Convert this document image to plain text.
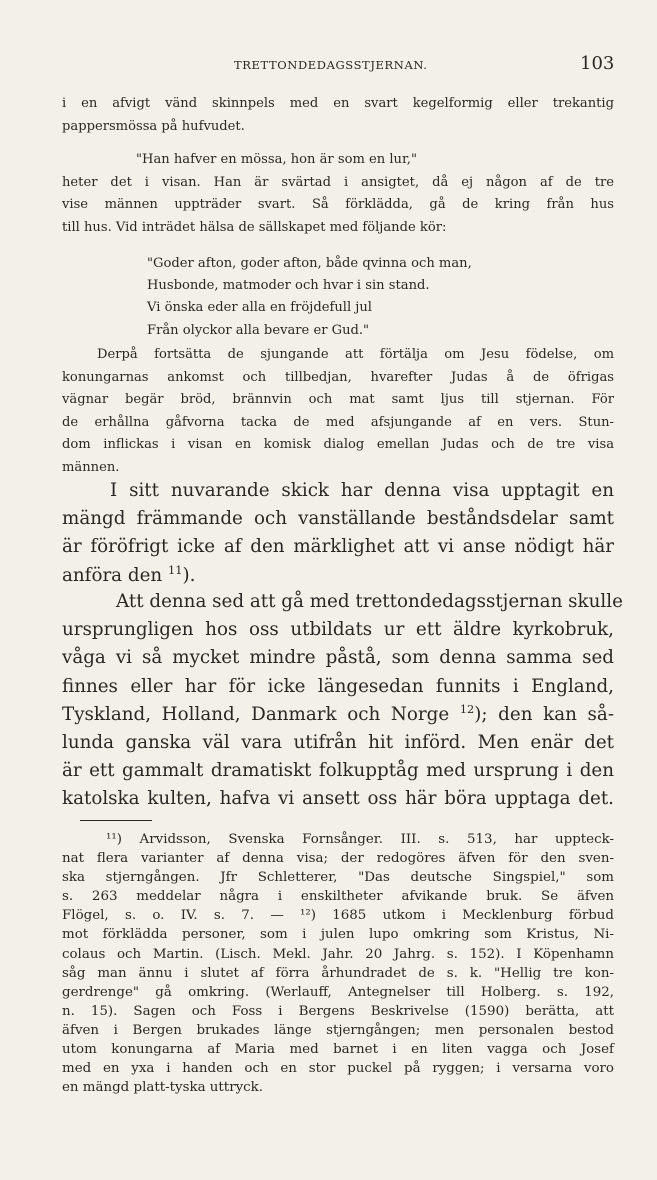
TRETTONDEDAGSSTJERNAN.	103
i en afvigt vänd skinnpels med en svart kegelformig eller trekantig
pappersmössa på hufvudet.
"Han hafver en mössa, hon är som en lur,"
heter det i visan. Han är svärtad i ansigtet, då ej någon af de tre
vise männen uppträder svart. Så förklädda, gå de kring från hus
till hus. Vid inträdet hälsa de sällskapet med följande kör:
"Goder afton, goder afton, både qvinna och man,
Husbonde, matmoder och hvar i sin stand.
Vi önska eder alla en fröjdefull jul
Från olyckor alla bevare er Gud."
Derpå fortsätta de sjungande att förtälja om Jesu födelse, om
konungarnas ankomst och tillbedjan, hvarefter Judas å de öfrigas
vägnar begär bröd, brännvin och mat samt ljus till stjernan. För
de erhållna gåfvorna tacka de med afsjungande af en vers. Stun-
dom inflickas i visan en komisk dialog emellan Judas och de tre visa
männen.
I sitt nuvarande skick har denna visa upptagit en
mängd främmande och vanställande beståndsdelar samt
är föröfrigt icke af den märklighet att vi anse nödigt här
anföra den $^{11}$).
Att denna sed att gå med trettondedagsstjernan skulle
ursprungligen hos oss utbildats ur ett äldre kyrkobruk,
våga vi så mycket mindre påstå, som denna samma sed
finnes eller har för icke längesedan funnits i England,
Tyskland, Holland, Danmark och Norge $^{12}$); den kan så-
lunda ganska väl vara utifrån hit införd. Men enär det
är ett gammalt dramatiskt folkupptåg med ursprung i den
katolska kulten, hafva vi ansett oss här böra upptaga det.
¹¹) Arvidsson, Svenska Fornsånger. III. s. 513, har uppteck-
nat flera varianter af denna visa; der redogöres äfven för den sven-
ska stjerngången. Jfr Schletterer, "Das deutsche Singspiel," som
s. 263 meddelar några i enskiltheter afvikande bruk. Se äfven
Flögel, s. o. IV. s. 7. — ¹²) 1685 utkom i Mecklenburg förbud
mot förklädda personer, som i julen lupo omkring som Kristus, Ni-
colaus och Martin. (Lisch. Mekl. Jahr. 20 Jahrg. s. 152). I Köpenhamn
såg man ännu i slutet af förra århundradet de s. k. "Hellig tre kon-
gerdrenge" gå omkring. (Werlauff, Antegnelser till Holberg. s. 192,
n. 15). Sagen och Foss i Bergens Beskrivelse (1590) berätta, att
äfven i Bergen brukades länge stjerngången; men personalen bestod
utom konungarna af Maria med barnet i en liten vagga och Josef
med en yxa i handen och en stor puckel på ryggen; i versarna voro
en mängd platt-tyska uttryck.
